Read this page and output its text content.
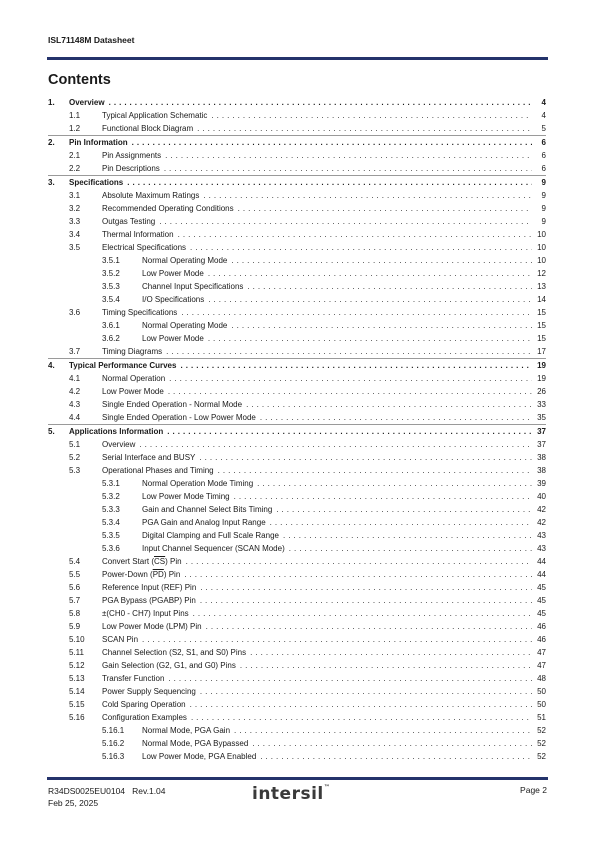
ISL71148M Datasheet
Contents
1. Overview . . .	4
1.1	Typical Application Schematic . . .	4
1.2	Functional Block Diagram . . .	5
2. Pin Information . . .	6
2.1	Pin Assignments . . .	6
2.2	Pin Descriptions . . .	6
3. Specifications . . .	9
3.1	Absolute Maximum Ratings . . .	9
3.2	Recommended Operating Conditions . . .	9
3.3	Outgas Testing . . .	9
3.4	Thermal Information . . .	10
3.5	Electrical Specifications . . .	10
3.5.1	Normal Operating Mode . . .	10
3.5.2	Low Power Mode . . .	12
3.5.3	Channel Input Specifications . . .	13
3.5.4	I/O Specifications . . .	14
3.6	Timing Specifications . . .	15
3.6.1	Normal Operating Mode . . .	15
3.6.2	Low Power Mode . . .	15
3.7	Timing Diagrams . . .	17
4. Typical Performance Curves . . .	19
4.1	Normal Operation . . .	19
4.2	Low Power Mode . . .	26
4.3	Single Ended Operation - Normal Mode . . .	33
4.4	Single Ended Operation - Low Power Mode . . .	35
5. Applications Information . . .	37
5.1	Overview . . .	37
5.2	Serial Interface and BUSY . . .	38
5.3	Operational Phases and Timing . . .	38
5.3.1	Normal Operation Mode Timing . . .	39
5.3.2	Low Power Mode Timing . . .	40
5.3.3	Gain and Channel Select Bits Timing . . .	42
5.3.4	PGA Gain and Analog Input Range . . .	42
5.3.5	Digital Clamping and Full Scale Range . . .	43
5.3.6	Input Channel Sequencer (SCAN Mode) . . .	43
5.4	Convert Start $(\overline{CS})$ Pin . . .	44
5.5	Power-Down $(\overline{PD})$ Pin . . .	44
5.6	Reference Input (REF) Pin . . .	45
5.7	PGA Bypass (PGABP) Pin . . .	45
5.8	±(CH0 - CH7) Input Pins . . .	45
5.9	Low Power Mode (LPM) Pin . . .	46
5.10 SCAN Pin . . .	46
5.11 Channel Selection (S2, S1, and S0) Pins . . .	47
5.12 Gain Selection (G2, G1, and G0) Pins . . .	47
5.13 Transfer Function . . .	48
5.14 Power Supply Sequencing . . .	50
5.15 Cold Sparing Operation . . .	50
5.16 Configuration Examples . . .	51
5.16.1 Normal Mode, PGA Gain . . .	52
5.16.2 Normal Mode, PGA Bypassed . . .	52
5.16.3 Low Power Mode, PGA Enabled . . .	52
R34DS0025EU0104 Rev.1.04
Feb 25, 2025	intersil™	Page 2
